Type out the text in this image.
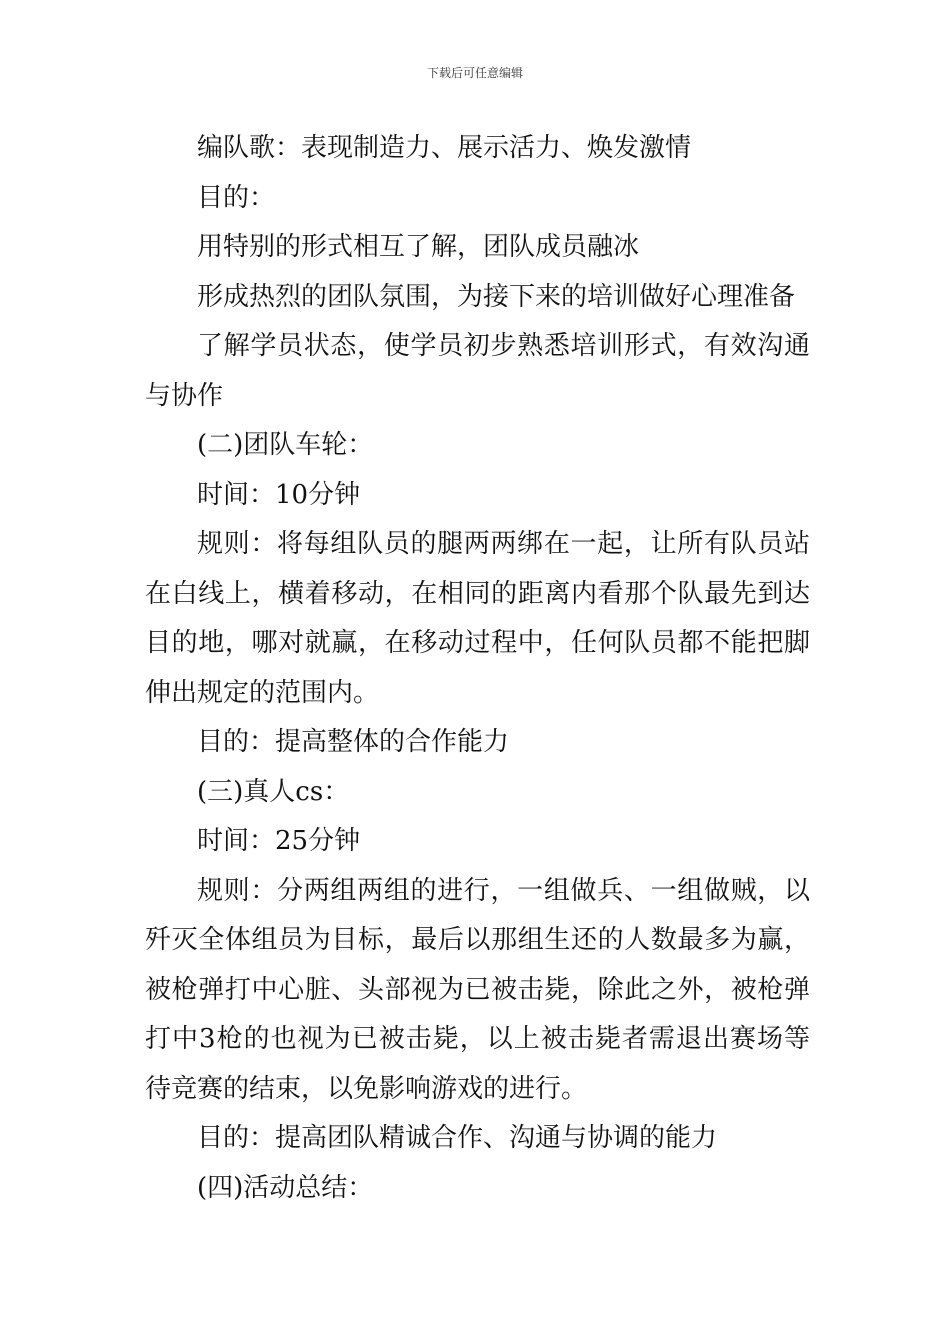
下载后可任意编辑

编队歌：表现制造力、展示活力、焕发激情

目的：

用特别的形式相互了解，团队成员融冰

形成热烈的团队氛围，为接下来的培训做好心理准备

了解学员状态，使学员初步熟悉培训形式，有效沟通与协作

(二)团队车轮：

时间：10分钟

规则：将每组队员的腿两两绑在一起，让所有队员站在白线上，横着移动，在相同的距离内看那个队最先到达目的地，哪对就赢，在移动过程中，任何队员都不能把脚伸出规定的范围内。

目的：提高整体的合作能力

(三)真人cs：

时间：25分钟

规则：分两组两组的进行，一组做兵、一组做贼，以歼灭全体组员为目标，最后以那组生还的人数最多为赢，被枪弹打中心脏、头部视为已被击毙，除此之外，被枪弹打中3枪的也视为已被击毙，以上被击毙者需退出赛场等待竞赛的结束，以免影响游戏的进行。

目的：提高团队精诚合作、沟通与协调的能力

(四)活动总结：
